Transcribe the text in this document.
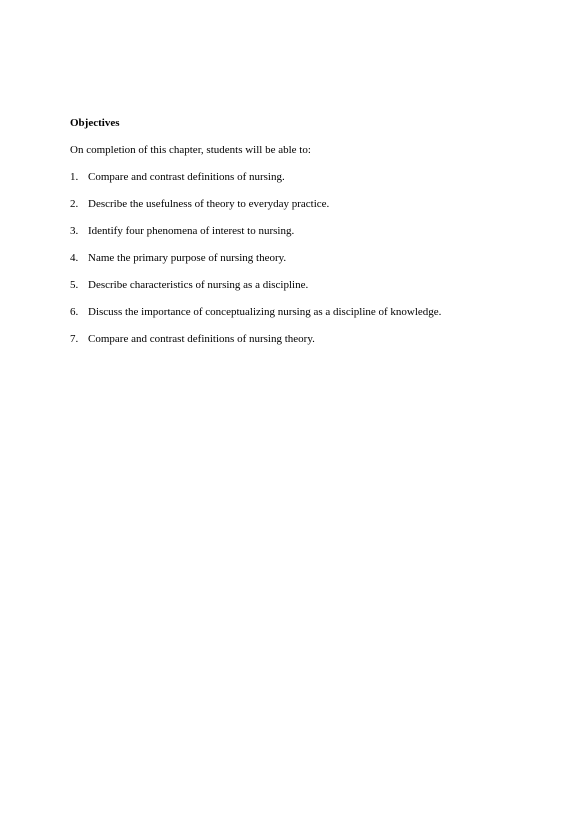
Objectives
On completion of this chapter, students will be able to:
1. Compare and contrast definitions of nursing.
2. Describe the usefulness of theory to everyday practice.
3. Identify four phenomena of interest to nursing.
4. Name the primary purpose of nursing theory.
5. Describe characteristics of nursing as a discipline.
6. Discuss the importance of conceptualizing nursing as a discipline of knowledge.
7. Compare and contrast definitions of nursing theory.
